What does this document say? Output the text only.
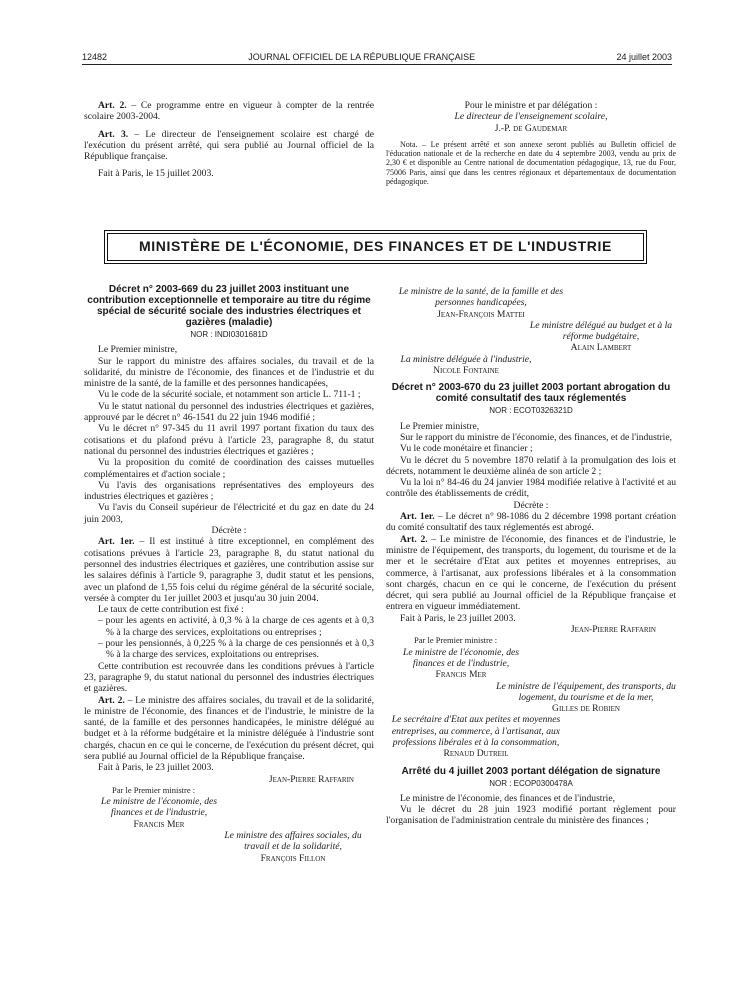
12482	JOURNAL OFFICIEL DE LA RÉPUBLIQUE FRANÇAISE	24 juillet 2003

Art. 2. – Ce programme entre en vigueur à compter de la rentrée scolaire 2003-2004.

Art. 3. – Le directeur de l'enseignement scolaire est chargé de l'exécution du présent arrêté, qui sera publié au Journal officiel de la République française.

Fait à Paris, le 15 juillet 2003.

Pour le ministre et par délégation :

Le directeur de l'enseignement scolaire,

J.-P. de Gaudemar

Nota. – Le présent arrêté et son annexe seront publiés au Bulletin officiel de l'éducation nationale et de la recherche en date du 4 septembre 2003, vendu au prix de 2,30 € et disponible au Centre national de documentation pédagogique, 13, rue du Four, 75006 Paris, ainsi que dans les centres régionaux et départementaux de documentation pédagogique.

MINISTÈRE DE L'ÉCONOMIE, DES FINANCES ET DE L'INDUSTRIE
Décret n° 2003-669 du 23 juillet 2003 instituant une contribution exceptionnelle et temporaire au titre du régime spécial de sécurité sociale des industries électriques et gazières (maladie)
NOR : INDI0301681D

Le Premier ministre,

Sur le rapport du ministre des affaires sociales, du travail et de la solidarité, du ministre de l'économie, des finances et de l'industrie et du ministre de la santé, de la famille et des personnes handicapées,

Vu le code de la sécurité sociale, et notamment son article L. 711-1 ;

Vu le statut national du personnel des industries électriques et gazières, approuvé par le décret n° 46-1541 du 22 juin 1946 modifié ;

Vu le décret n° 97-345 du 11 avril 1997 portant fixation du taux des cotisations et du plafond prévu à l'article 23, paragraphe 8, du statut national du personnel des industries électriques et gazières ;

Vu la proposition du comité de coordination des caisses mutuelles complémentaires et d'action sociale ;

Vu l'avis des organisations représentatives des employeurs des industries électriques et gazières ;

Vu l'avis du Conseil supérieur de l'électricité et du gaz en date du 24 juin 2003,

Décrète :

Art. 1er. – Il est institué à titre exceptionnel, en complément des cotisations prévues à l'article 23, paragraphe 8, du statut national du personnel des industries électriques et gazières, une contribution assise sur les salaires définis à l'article 9, paragraphe 3, dudit statut et les pensions, avec un plafond de 1,55 fois celui du régime général de la sécurité sociale, versée à compter du 1er juillet 2003 et jusqu'au 30 juin 2004.

Le taux de cette contribution est fixé :

– pour les agents en activité, à 0,3 % à la charge de ces agents et à 0,3 % à la charge des services, exploitations ou entreprises ;
– pour les pensionnés, à 0,225 % à la charge de ces pensionnés et à 0,3 % à la charge des services, exploitations ou entreprises.

Cette contribution est recouvrée dans les conditions prévues à l'article 23, paragraphe 9, du statut national du personnel des industries électriques et gazières.

Art. 2. – Le ministre des affaires sociales, du travail et de la solidarité, le ministre de l'économie, des finances et de l'industrie, le ministre de la santé, de la famille et des personnes handicapées, le ministre délégué au budget et à la réforme budgétaire et la ministre déléguée à l'industrie sont chargés, chacun en ce qui le concerne, de l'exécution du présent décret, qui sera publié au Journal officiel de la République française.

Fait à Paris, le 23 juillet 2003.

Jean-Pierre Raffarin

Par le Premier ministre :

Le ministre de l'économie, des finances et de l'industrie,

Francis Mer

Le ministre des affaires sociales, du travail et de la solidarité,

François Fillon

Le ministre de la santé, de la famille et des personnes handicapées,

Jean-François Mattei

Le ministre délégué au budget et à la réforme budgétaire,

Alain Lambert

La ministre déléguée à l'industrie,

Nicole Fontaine

Décret n° 2003-670 du 23 juillet 2003 portant abrogation du comité consultatif des taux réglementés
NOR : ECOT0326321D

Le Premier ministre,

Sur le rapport du ministre de l'économie, des finances, et de l'industrie,

Vu le code monétaire et financier ;

Vu le décret du 5 novembre 1870 relatif à la promulgation des lois et décrets, notamment le deuxième alinéa de son article 2 ;

Vu la loi n° 84-46 du 24 janvier 1984 modifiée relative à l'activité et au contrôle des établissements de crédit,

Décrète :

Art. 1er. – Le décret n° 98-1086 du 2 décembre 1998 portant création du comité consultatif des taux réglementés est abrogé.

Art. 2. – Le ministre de l'économie, des finances et de l'industrie, le ministre de l'équipement, des transports, du logement, du tourisme et de la mer et le secrétaire d'Etat aux petites et moyennes entreprises, au commerce, à l'artisanat, aux professions libérales et à la consommation sont chargés, chacun en ce qui le concerne, de l'exécution du présent décret, qui sera publié au Journal officiel de la République française et entrera en vigueur immédiatement.

Fait à Paris, le 23 juillet 2003.

Jean-Pierre Raffarin

Par le Premier ministre :

Le ministre de l'économie, des finances et de l'industrie,

Francis Mer

Le ministre de l'équipement, des transports, du logement, du tourisme et de la mer,

Gilles de Robien

Le secrétaire d'Etat aux petites et moyennes entreprises, au commerce, à l'artisanat, aux professions libérales et à la consommation,

Renaud Dutreil

Arrêté du 4 juillet 2003 portant délégation de signature
NOR : ECOP0300478A

Le ministre de l'économie, des finances et de l'industrie,

Vu le décret du 28 juin 1923 modifié portant règlement pour l'organisation de l'administration centrale du ministère des finances ;
